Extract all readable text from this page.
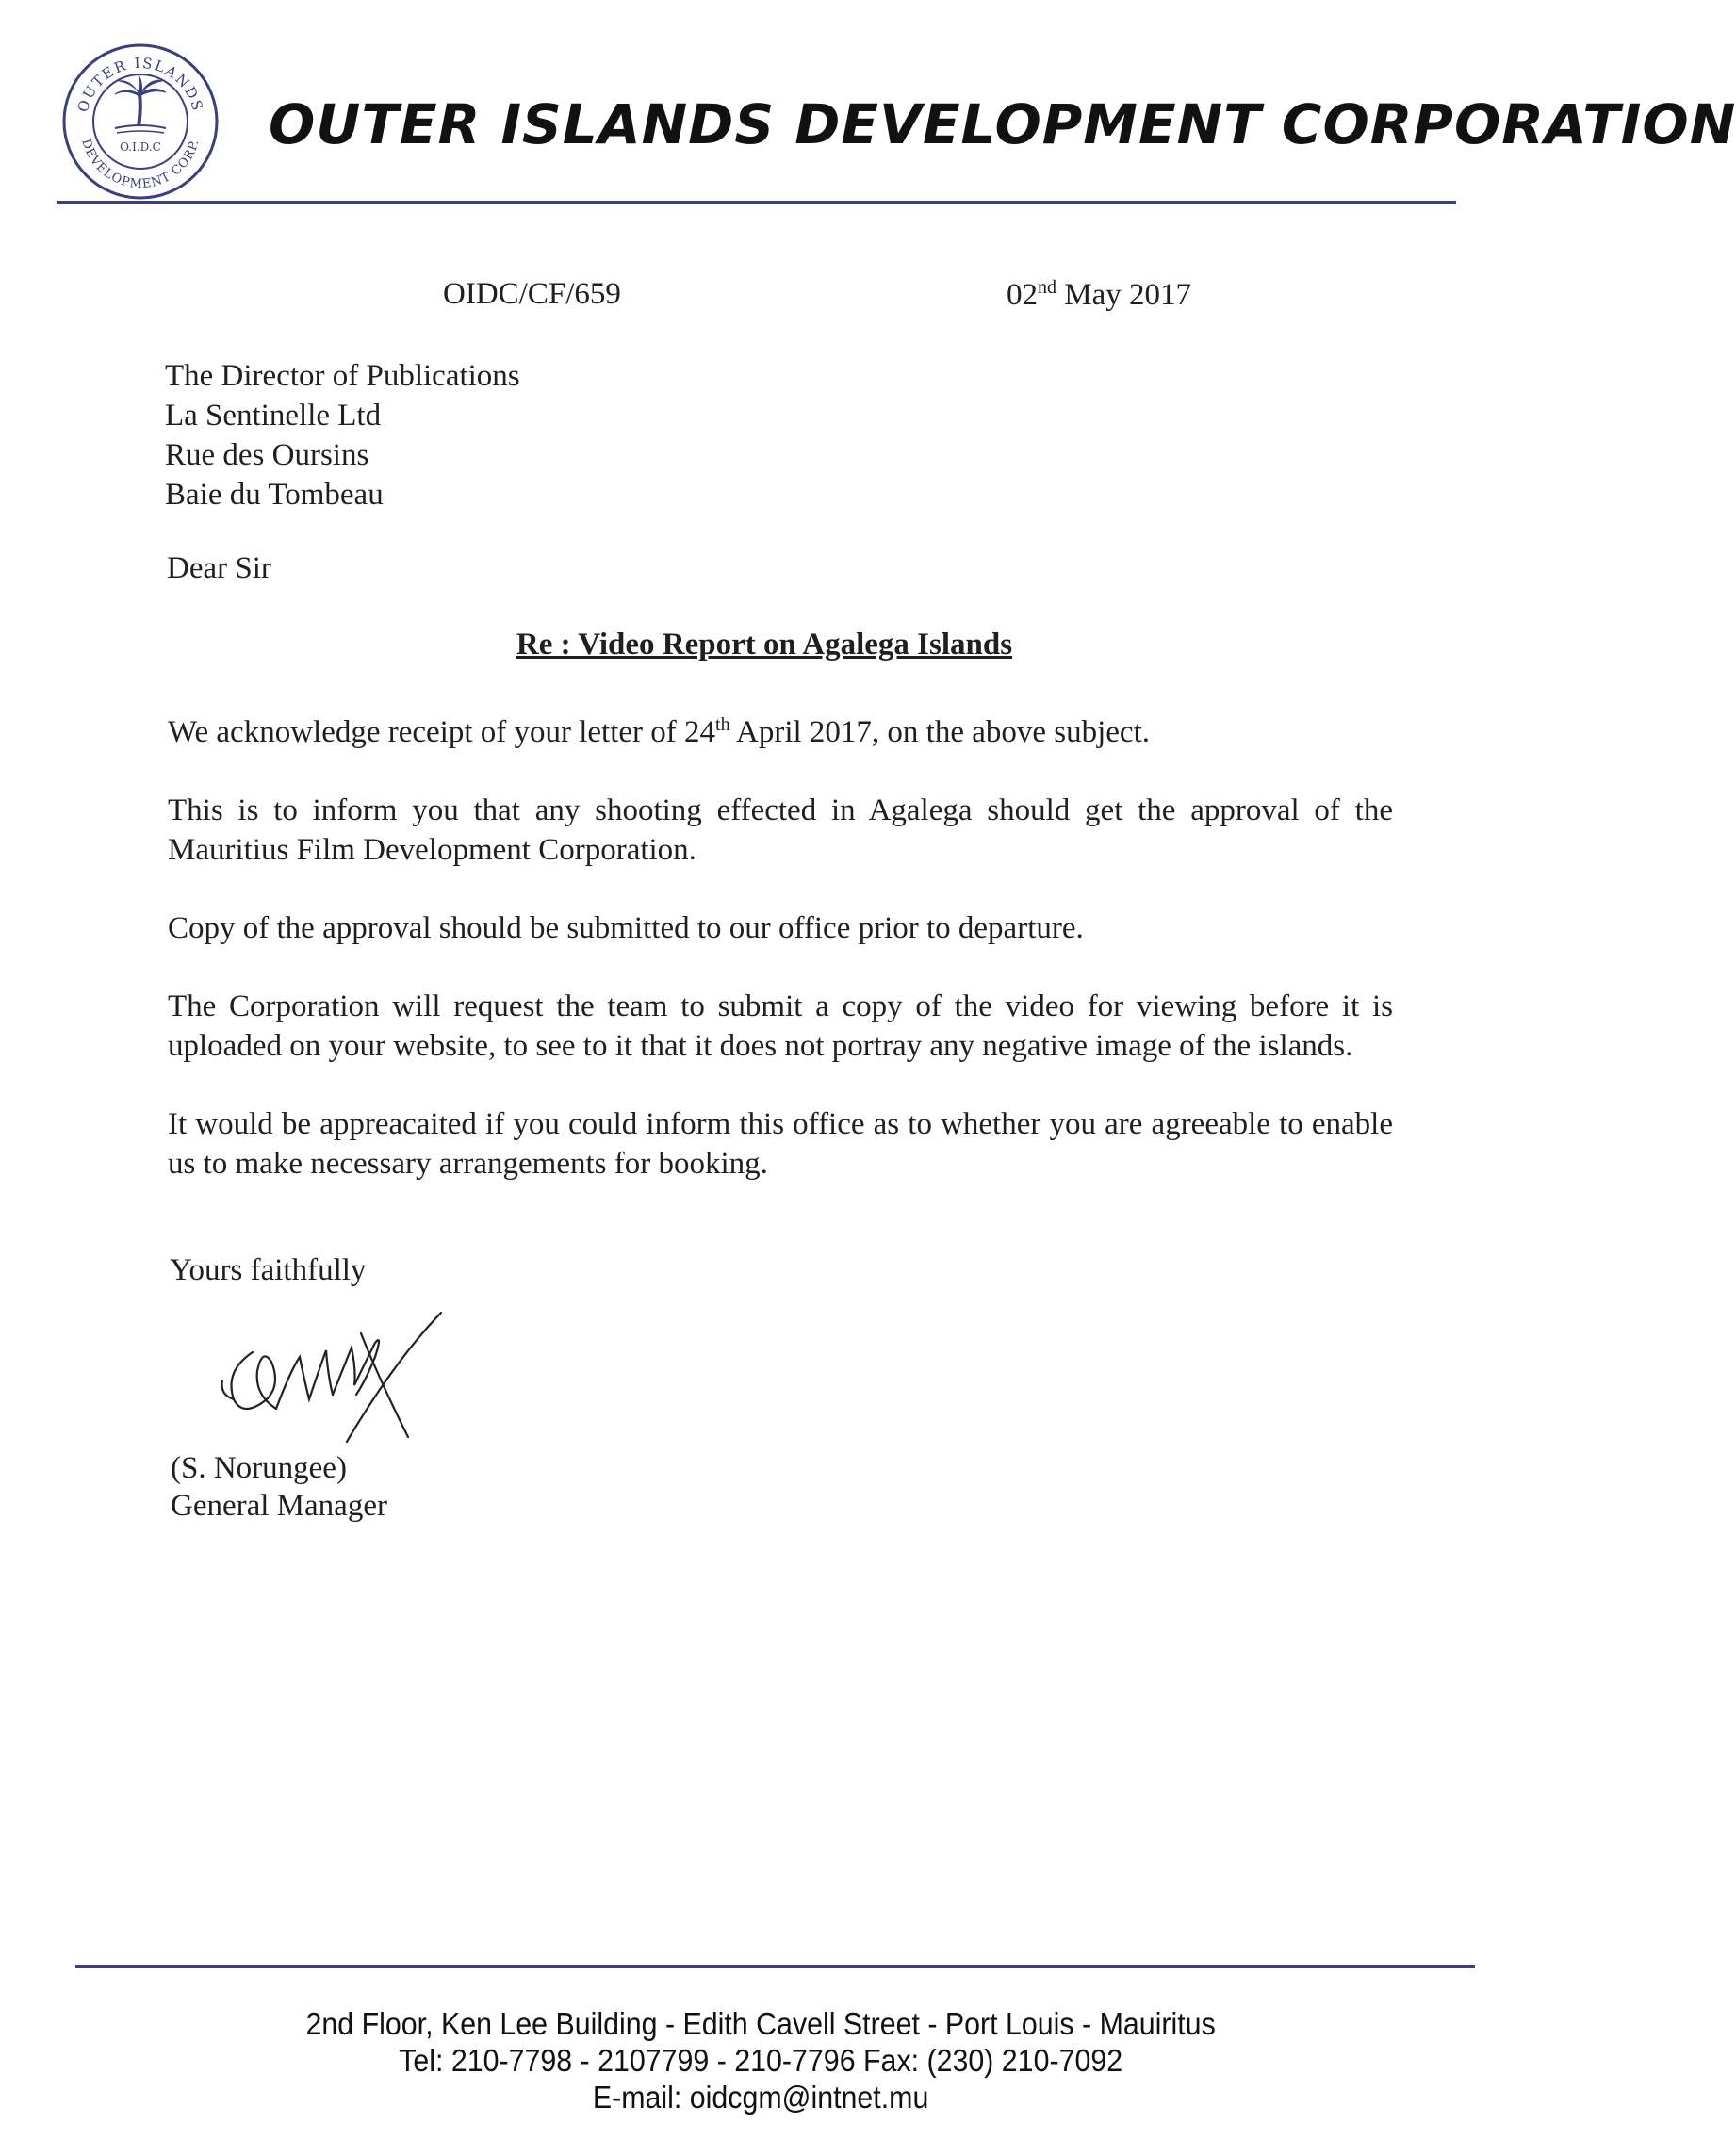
OUTER ISLANDS
DEVELOPMENT CORP.
O.I.D.C OUTER ISLANDS DEVELOPMENT CORPORATION
OIDC/CF/659	02nd May 2017
The Director of Publications
La Sentinelle Ltd
Rue des Oursins
Baie du Tombeau
Dear Sir
Re : Video Report on Agalega Islands

We acknowledge receipt of your letter of 24th April 2017, on the above subject.

This is to inform you that any shooting effected in Agalega should get the approval of the Mauritius Film Development Corporation.

Copy of the approval should be submitted to our office prior to departure.

The Corporation will request the team to submit a copy of the video for viewing before it is uploaded on your website, to see to it that it does not portray any negative image of the islands.

It would be appreacaited if you could inform this office as to whether you are agreeable to enable us to make necessary arrangements for booking.

Yours faithfully
(S. Norungee)
General Manager
2nd Floor, Ken Lee Building - Edith Cavell Street - Port Louis - Mauiritus
Tel: 210-7798 - 2107799 - 210-7796 Fax: (230) 210-7092
E-mail: oidcgm@intnet.mu
